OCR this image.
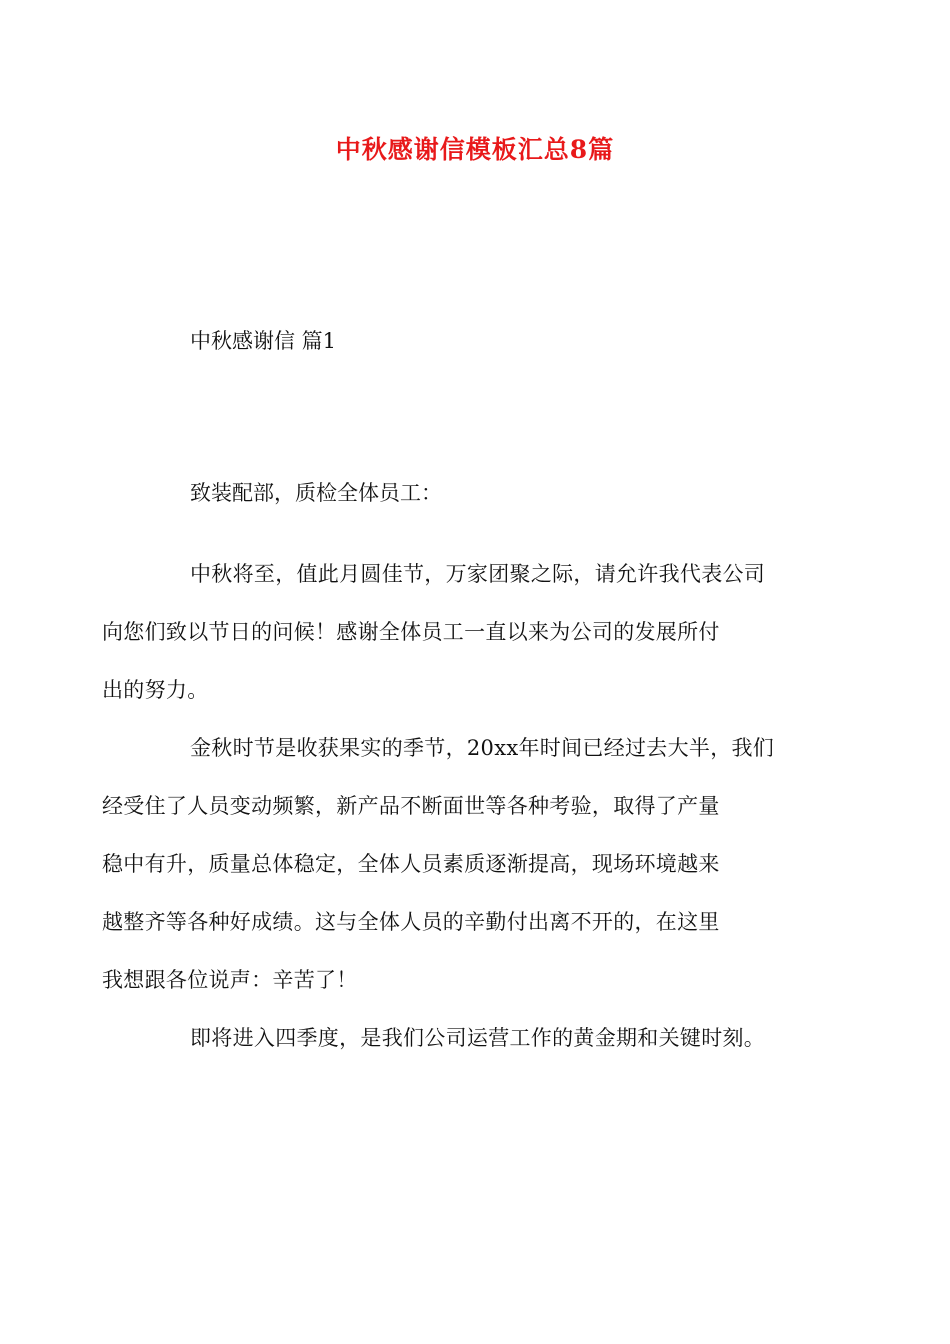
中秋感谢信模板汇总8篇
中秋感谢信 篇1
致装配部，质检全体员工：

中秋将至，值此月圆佳节，万家团聚之际，请允许我代表公司
向您们致以节日的问候！感谢全体员工一直以来为公司的发展所付
出的努力。

金秋时节是收获果实的季节，20xx年时间已经过去大半，我们
经受住了人员变动频繁，新产品不断面世等各种考验，取得了产量
稳中有升，质量总体稳定，全体人员素质逐渐提高，现场环境越来
越整齐等各种好成绩。这与全体人员的辛勤付出离不开的，在这里
我想跟各位说声：辛苦了！

即将进入四季度，是我们公司运营工作的黄金期和关键时刻。
